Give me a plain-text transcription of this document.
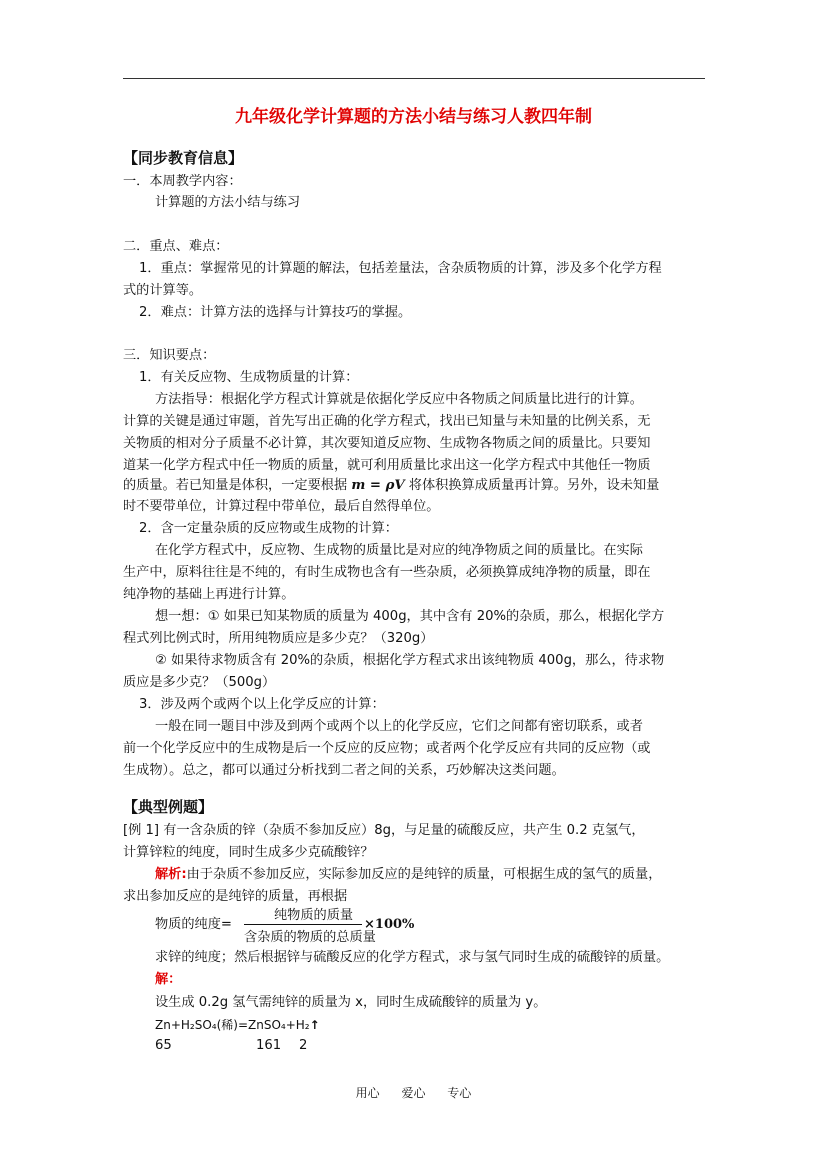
九年级化学计算题的方法小结与练习人教四年制
【同步教育信息】
一．本周教学内容：
计算题的方法小结与练习
二．重点、难点：
1．重点：掌握常见的计算题的解法，包括差量法，含杂质物质的计算，涉及多个化学方程
式的计算等。
2．难点：计算方法的选择与计算技巧的掌握。
三．知识要点：
1．有关反应物、生成物质量的计算：
方法指导：根据化学方程式计算就是依据化学反应中各物质之间质量比进行的计算。
计算的关键是通过审题，首先写出正确的化学方程式，找出已知量与未知量的比例关系，无
关物质的相对分子质量不必计算，其次要知道反应物、生成物各物质之间的质量比。只要知
道某一化学方程式中任一物质的质量，就可利用质量比求出这一化学方程式中其他任一物质
的质量。若已知量是体积，一定要根据 m = ρV 将体积换算成质量再计算。另外，设未知量
时不要带单位，计算过程中带单位，最后自然得单位。
2．含一定量杂质的反应物或生成物的计算：
在化学方程式中，反应物、生成物的质量比是对应的纯净物质之间的质量比。在实际
生产中，原料往往是不纯的，有时生成物也含有一些杂质，必须换算成纯净物的质量，即在
纯净物的基础上再进行计算。
想一想：① 如果已知某物质的质量为 400g，其中含有 20%的杂质，那么，根据化学方
程式列比例式时，所用纯物质应是多少克？（320g）
② 如果待求物质含有 20%的杂质，根据化学方程式求出该纯物质 400g，那么，待求物
质应是多少克？（500g）
3．涉及两个或两个以上化学反应的计算：
一般在同一题目中涉及到两个或两个以上的化学反应，它们之间都有密切联系，或者
前一个化学反应中的生成物是后一个反应的反应物；或者两个化学反应有共同的反应物（或
生成物）。总之，都可以通过分析找到二者之间的关系，巧妙解决这类问题。
【典型例题】
[例 1] 有一含杂质的锌（杂质不参加反应）8g，与足量的硫酸反应，共产生 0.2 克氢气，
计算锌粒的纯度，同时生成多少克硫酸锌？
解析:由于杂质不参加反应，实际参加反应的是纯锌的质量，可根据生成的氢气的质量，
求出参加反应的是纯锌的质量，再根据
物质的纯度=
纯物质的质量
含杂质的物质的总质量
×100%
求锌的纯度；然后根据锌与硫酸反应的化学方程式，求与氢气同时生成的硫酸锌的质量。
解：
设生成 0.2g 氢气需纯锌的质量为 x，同时生成硫酸锌的质量为 y。
Zn+H₂SO₄(稀)=ZnSO₄+H₂↑
65	161 2
用心 爱心 专心
